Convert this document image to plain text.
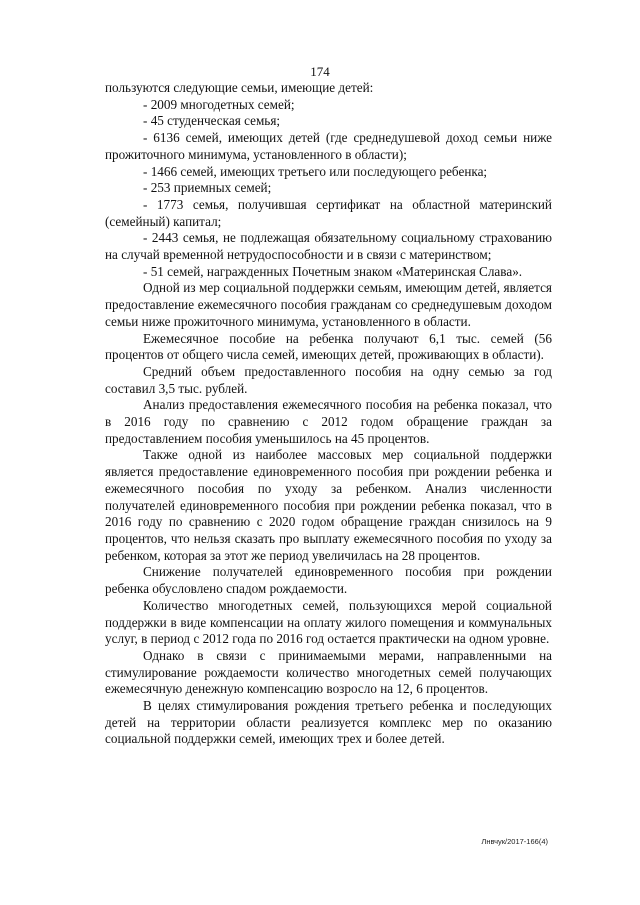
174

пользуются следующие семьи, имеющие детей:

- 2009 многодетных семей;

- 45 студенческая семья;

- 6136 семей, имеющих детей (где среднедушевой доход семьи ниже прожиточного минимума, установленного в области);

- 1466 семей, имеющих третьего или последующего ребенка;

- 253 приемных семей;

- 1773 семья, получившая сертификат на областной материнский (семейный) капитал;

- 2443 семья, не подлежащая обязательному социальному страхованию на случай временной нетрудоспособности и в связи с материнством;

- 51 семей, награжденных Почетным знаком «Материнская Слава».

Одной из мер социальной поддержки семьям, имеющим детей, является предоставление ежемесячного пособия гражданам со среднедушевым доходом семьи ниже прожиточного минимума, установленного в области.

Ежемесячное пособие на ребенка получают 6,1 тыс. семей (56 процентов от общего числа семей, имеющих детей, проживающих в области).

Средний объем предоставленного пособия на одну семью за год составил 3,5 тыс. рублей.

Анализ предоставления ежемесячного пособия на ребенка показал, что в 2016 году по сравнению с 2012 годом обращение граждан за предоставлением пособия уменьшилось на 45 процентов.

Также одной из наиболее массовых мер социальной поддержки является предоставление единовременного пособия при рождении ребенка и ежемесячного пособия по уходу за ребенком. Анализ численности получателей единовременного пособия при рождении ребенка показал, что в 2016 году по сравнению с 2020 годом обращение граждан снизилось на 9 процентов, что нельзя сказать про выплату ежемесячного пособия по уходу за ребенком, которая за этот же период увеличилась на 28 процентов.

Снижение получателей единовременного пособия при рождении ребенка обусловлено спадом рождаемости.

Количество многодетных семей, пользующихся мерой социальной поддержки в виде компенсации на оплату жилого помещения и коммунальных услуг, в период с 2012 года по 2016 год остается практически на одном уровне.

Однако в связи с принимаемыми мерами, направленными на стимулирование рождаемости количество многодетных семей получающих ежемесячную денежную компенсацию возросло на 12, 6 процентов.

В целях стимулирования рождения третьего ребенка и последующих детей на территории области реализуется комплекс мер по оказанию социальной поддержки семей, имеющих трех и более детей.

Лнвчук/2017-166(4)
